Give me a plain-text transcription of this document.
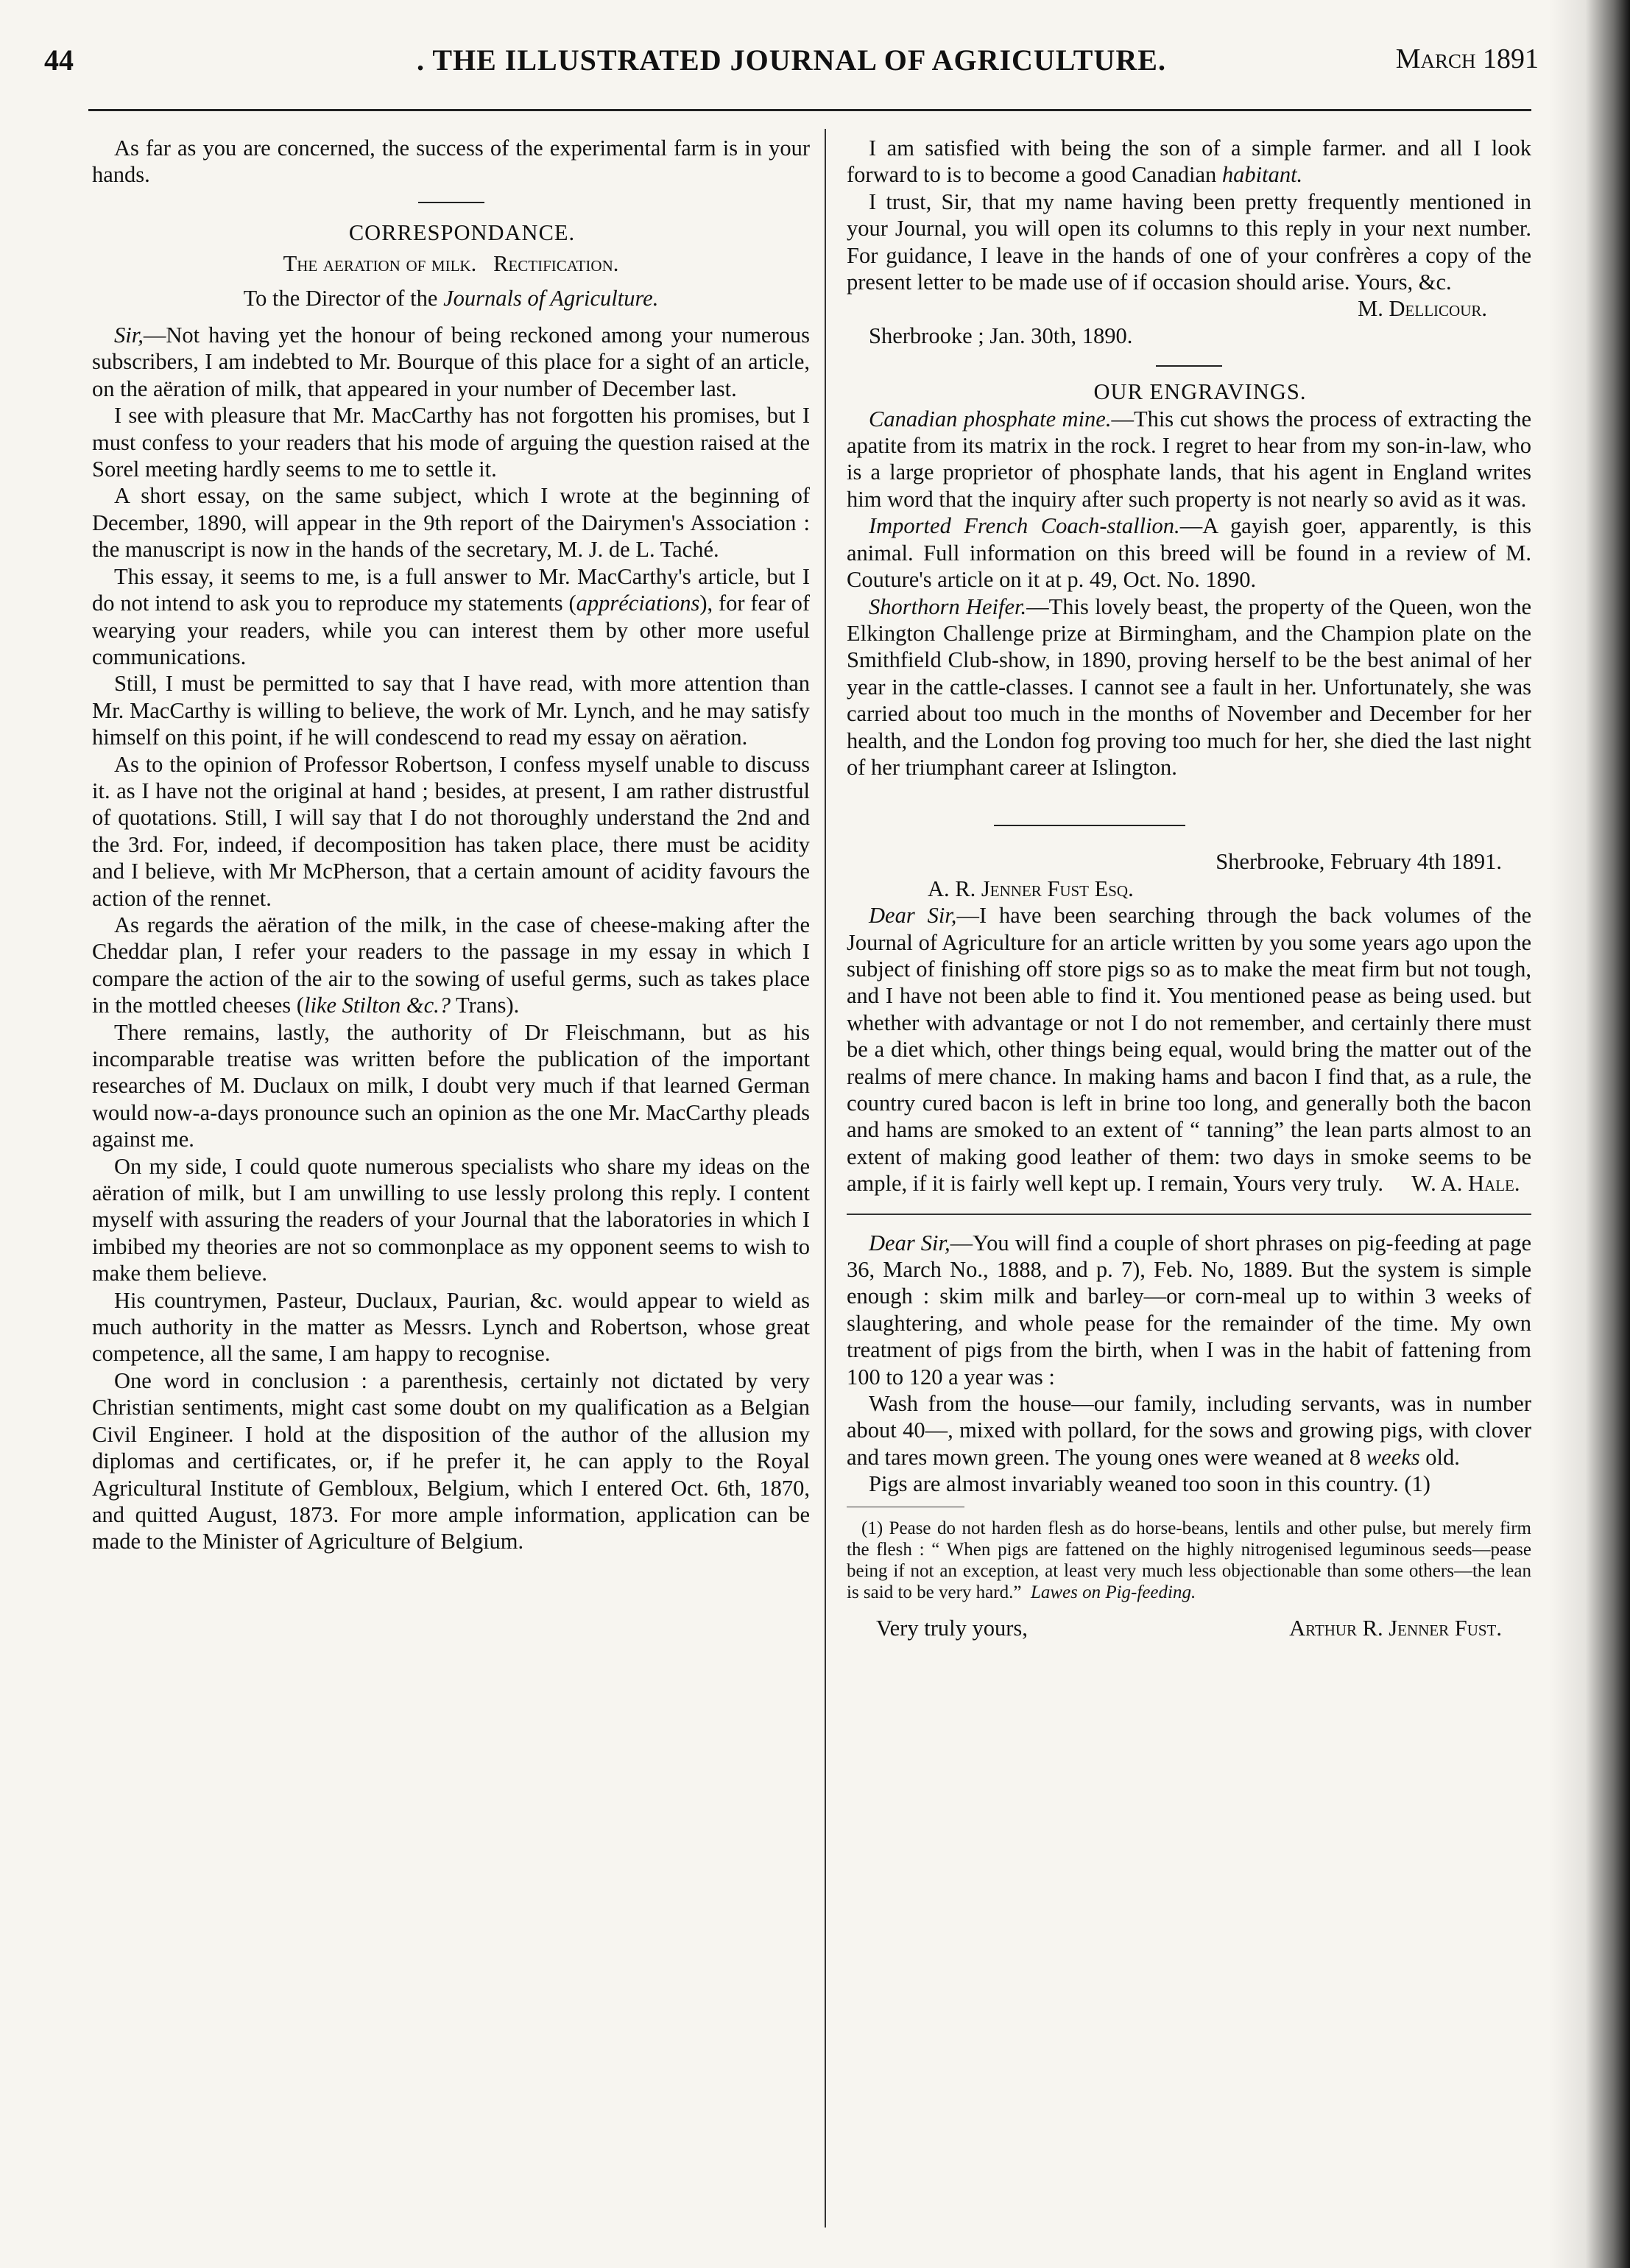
44	. THE ILLUSTRATED JOURNAL OF AGRICULTURE.	March 1891

As far as you are concerned, the success of the experimental farm is in your hands.

CORRESPONDANCE.

The aeration of milk. Rectification.

To the Director of the Journals of Agriculture.

Sir,—Not having yet the honour of being reckoned among your numerous subscribers, I am indebted to Mr. Bourque of this place for a sight of an article, on the aëration of milk, that appeared in your number of December last.

I see with pleasure that Mr. MacCarthy has not forgotten his promises, but I must confess to your readers that his mode of arguing the question raised at the Sorel meeting hardly seems to me to settle it.

A short essay, on the same subject, which I wrote at the beginning of December, 1890, will appear in the 9th report of the Dairymen's Association : the manuscript is now in the hands of the secretary, M. J. de L. Taché.

This essay, it seems to me, is a full answer to Mr. MacCarthy's article, but I do not intend to ask you to reproduce my statements (appréciations), for fear of wearying your readers, while you can interest them by other more useful communications.

Still, I must be permitted to say that I have read, with more attention than Mr. MacCarthy is willing to believe, the work of Mr. Lynch, and he may satisfy himself on this point, if he will condescend to read my essay on aëration.

As to the opinion of Professor Robertson, I confess myself unable to discuss it. as I have not the original at hand ; besides, at present, I am rather distrustful of quotations. Still, I will say that I do not thoroughly understand the 2nd and the 3rd. For, indeed, if decomposition has taken place, there must be acidity and I believe, with Mr McPherson, that a certain amount of acidity favours the action of the rennet.

As regards the aëration of the milk, in the case of cheese-making after the Cheddar plan, I refer your readers to the passage in my essay in which I compare the action of the air to the sowing of useful germs, such as takes place in the mottled cheeses (like Stilton &c.? Trans).

There remains, lastly, the authority of Dr Fleischmann, but as his incomparable treatise was written before the publication of the important researches of M. Duclaux on milk, I doubt very much if that learned German would now-a-days pronounce such an opinion as the one Mr. MacCarthy pleads against me.

On my side, I could quote numerous specialists who share my ideas on the aëration of milk, but I am unwilling to use lessly prolong this reply. I content myself with assuring the readers of your Journal that the laboratories in which I imbibed my theories are not so commonplace as my opponent seems to wish to make them believe.

His countrymen, Pasteur, Duclaux, Paurian, &c. would appear to wield as much authority in the matter as Messrs. Lynch and Robertson, whose great competence, all the same, I am happy to recognise.

One word in conclusion : a parenthesis, certainly not dictated by very Christian sentiments, might cast some doubt on my qualification as a Belgian Civil Engineer. I hold at the disposition of the author of the allusion my diplomas and certificates, or, if he prefer it, he can apply to the Royal Agricultural Institute of Gembloux, Belgium, which I entered Oct. 6th, 1870, and quitted August, 1873. For more ample information, application can be made to the Minister of Agriculture of Belgium.

I am satisfied with being the son of a simple farmer. and all I look forward to is to become a good Canadian habitant.

I trust, Sir, that my name having been pretty frequently mentioned in your Journal, you will open its columns to this reply in your next number. For guidance, I leave in the hands of one of your confrères a copy of the present letter to be made use of if occasion should arise. Yours, &c.

M. Dellicour.

Sherbrooke ; Jan. 30th, 1890.

OUR ENGRAVINGS.

Canadian phosphate mine.—This cut shows the process of extracting the apatite from its matrix in the rock. I regret to hear from my son-in-law, who is a large proprietor of phosphate lands, that his agent in England writes him word that the inquiry after such property is not nearly so avid as it was.

Imported French Coach-stallion.—A gayish goer, apparently, is this animal. Full information on this breed will be found in a review of M. Couture's article on it at p. 49, Oct. No. 1890.

Shorthorn Heifer.—This lovely beast, the property of the Queen, won the Elkington Challenge prize at Birmingham, and the Champion plate on the Smithfield Club-show, in 1890, proving herself to be the best animal of her year in the cattle-classes. I cannot see a fault in her. Unfortunately, she was carried about too much in the months of November and December for her health, and the London fog proving too much for her, she died the last night of her triumphant career at Islington.

Sherbrooke, February 4th 1891.

A. R. Jenner Fust Esq.

Dear Sir,—I have been searching through the back volumes of the Journal of Agriculture for an article written by you some years ago upon the subject of finishing off store pigs so as to make the meat firm but not tough, and I have not been able to find it. You mentioned pease as being used. but whether with advantage or not I do not remember, and certainly there must be a diet which, other things being equal, would bring the matter out of the realms of mere chance. In making hams and bacon I find that, as a rule, the country cured bacon is left in brine too long, and generally both the bacon and hams are smoked to an extent of “ tanning” the lean parts almost to an extent of making good leather of them: two days in smoke seems to be ample, if it is fairly well kept up. I remain, Yours very truly. W. A. Hale.

Dear Sir,—You will find a couple of short phrases on pig-feeding at page 36, March No., 1888, and p. 7), Feb. No, 1889. But the system is simple enough : skim milk and barley—or corn-meal up to within 3 weeks of slaughtering, and whole pease for the remainder of the time. My own treatment of pigs from the birth, when I was in the habit of fattening from 100 to 120 a year was :

Wash from the house—our family, including servants, was in number about 40—, mixed with pollard, for the sows and growing pigs, with clover and tares mown green. The young ones were weaned at 8 weeks old.

Pigs are almost invariably weaned too soon in this country. (1)

(1) Pease do not harden flesh as do horse-beans, lentils and other pulse, but merely firm the flesh : “ When pigs are fattened on the highly nitrogenised leguminous seeds—pease being if not an exception, at least very much less objectionable than some others—the lean is said to be very hard.” Lawes on Pig-feeding.

Very truly yours,	Arthur R. Jenner Fust.
